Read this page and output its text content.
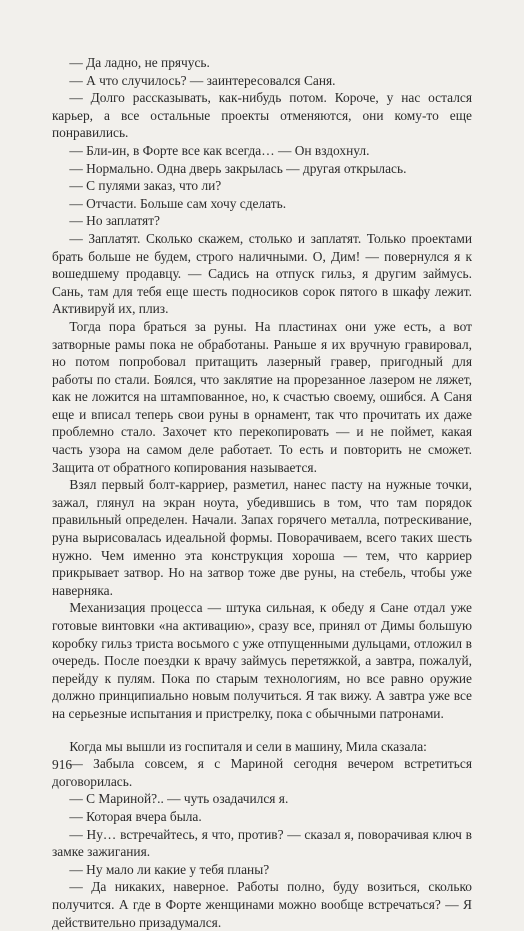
— Да ладно, не прячусь.

— А что случилось? — заинтересовался Саня.

— Долго рассказывать, как-нибудь потом. Короче, у нас остался карьер, а все остальные проекты отменяются, они кому-то еще понравились.

— Бли-ин, в Форте все как всегда… — Он вздохнул.

— Нормально. Одна дверь закрылась — другая открылась.

— С пулями заказ, что ли?

— Отчасти. Больше сам хочу сделать.

— Но заплатят?

— Заплатят. Сколько скажем, столько и заплатят. Только проектами брать больше не будем, строго наличными. О, Дим! — повернулся я к вошедшему продавцу. — Садись на отпуск гильз, я другим займусь. Сань, там для тебя еще шесть подносиков сорок пятого в шкафу лежит. Активируй их, плиз.

Тогда пора браться за руны. На пластинах они уже есть, а вот затворные рамы пока не обработаны. Раньше я их вручную гравировал, но потом попробовал притащить лазерный гравер, пригодный для работы по стали. Боялся, что заклятие на прорезанное лазером не ляжет, как не ложится на штампованное, но, к счастью своему, ошибся. А Саня еще и вписал теперь свои руны в орнамент, так что прочитать их даже проблемно стало. Захочет кто перекопировать — и не поймет, какая часть узора на самом деле работает. То есть и повторить не сможет. Защита от обратного копирования называется.

Взял первый болт-карриер, разметил, нанес пасту на нужные точки, зажал, глянул на экран ноута, убедившись в том, что там порядок правильный определен. Начали. Запах горячего металла, потрескивание, руна вырисовалась идеальной формы. Поворачиваем, всего таких шесть нужно. Чем именно эта конструкция хороша — тем, что карриер прикрывает затвор. Но на затвор тоже две руны, на стебель, чтобы уже наверняка.

Механизация процесса — штука сильная, к обеду я Сане отдал уже готовые винтовки «на активацию», сразу все, принял от Димы большую коробку гильз триста восьмого с уже отпущенными дульцами, отложил в очередь. После поездки к врачу займусь перетяжкой, а завтра, пожалуй, перейду к пулям. Пока по старым технологиям, но все равно оружие должно принципиально новым получиться. Я так вижу. А завтра уже все на серьезные испытания и пристрелку, пока с обычными патронами.

Когда мы вышли из госпиталя и сели в машину, Мила сказала:

— Забыла совсем, я с Мариной сегодня вечером встретиться договорилась.

— С Мариной?.. — чуть озадачился я.

— Которая вчера была.

— Ну… встречайтесь, я что, против? — сказал я, поворачивая ключ в замке зажигания.

— Ну мало ли какие у тебя планы?

— Да никаких, наверное. Работы полно, буду возиться, сколько получится. А где в Форте женщинами можно вообще встречаться? — Я действительно призадумался.

916
